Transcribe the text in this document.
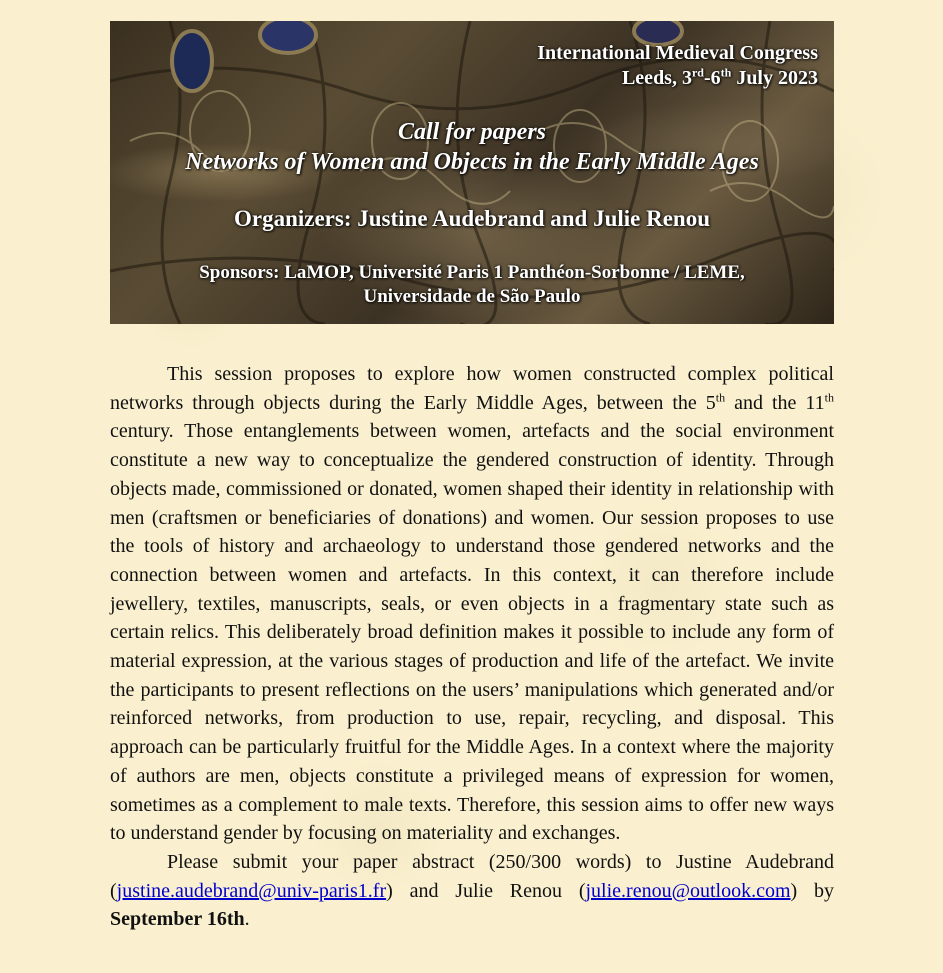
International Medieval Congress
Leeds, 3rd-6th July 2023
Call for papers
Networks of Women and Objects in the Early Middle Ages
Organizers: Justine Audebrand and Julie Renou
Sponsors: LaMOP, Université Paris 1 Panthéon-Sorbonne / LEME,
Universidade de São Paulo

This session proposes to explore how women constructed complex political networks through objects during the Early Middle Ages, between the 5th and the 11th century. Those entanglements between women, artefacts and the social environment constitute a new way to conceptualize the gendered construction of identity. Through objects made, commissioned or donated, women shaped their identity in relationship with men (craftsmen or beneficiaries of donations) and women. Our session proposes to use the tools of history and archaeology to understand those gendered networks and the connection between women and artefacts. In this context, it can therefore include jewellery, textiles, manuscripts, seals, or even objects in a fragmentary state such as certain relics. This deliberately broad definition makes it possible to include any form of material expression, at the various stages of production and life of the artefact. We invite the participants to present reflections on the users’ manipulations which generated and/or reinforced networks, from production to use, repair, recycling, and disposal. This approach can be particularly fruitful for the Middle Ages. In a context where the majority of authors are men, objects constitute a privileged means of expression for women, sometimes as a complement to male texts. Therefore, this session aims to offer new ways to understand gender by focusing on materiality and exchanges.

Please submit your paper abstract (250/300 words) to Justine Audebrand (justine.audebrand@univ-paris1.fr) and Julie Renou (julie.renou@outlook.com) by September 16th.
